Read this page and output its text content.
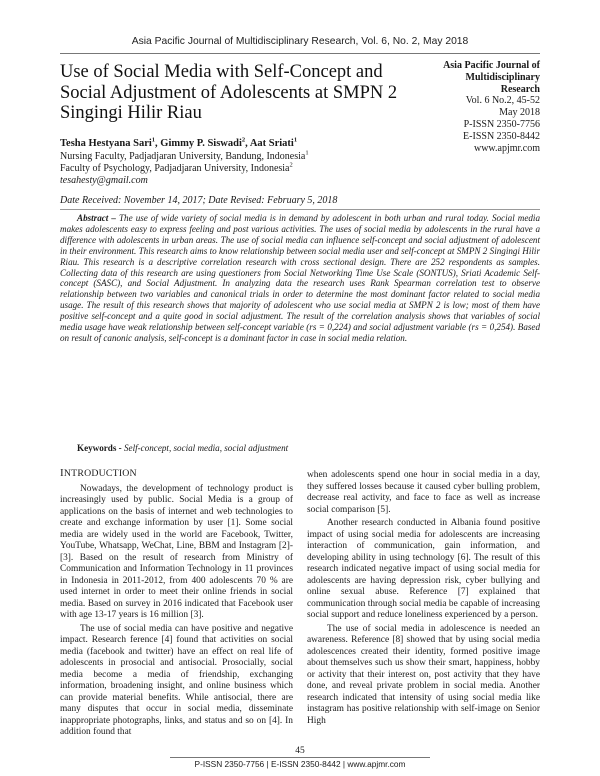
Asia Pacific Journal of Multidisciplinary Research, Vol. 6, No. 2, May 2018
Use of Social Media with Self-Concept and Social Adjustment of Adolescents at SMPN 2 Singingi Hilir Riau
Asia Pacific Journal of
Multidisciplinary
Research
Vol. 6 No.2, 45-52
May 2018
P-ISSN 2350-7756
E-ISSN 2350-8442
www.apjmr.com
Tesha Hestyana Sari$^1$, Gimmy P. Siswadi$^2$, Aat Sriati$^1$
Nursing Faculty, Padjadjaran University, Bandung, Indonesia$^1$
Faculty of Psychology, Padjadjaran University, Indonesia$^2$
tesahesty@gmail.com
Date Received: November 14, 2017; Date Revised: February 5, 2018
Abstract – The use of wide variety of social media is in demand by adolescent in both urban and rural today. Social media makes adolescents easy to express feeling and post various activities. The uses of social media by adolescents in the rural have a difference with adolescents in urban areas. The use of social media can influence self-concept and social adjustment of adolescent in their environment. This research aims to know relationship between social media user and self-concept at SMPN 2 Singingi Hilir Riau. This research is a descriptive correlation research with cross sectional design. There are 252 respondents as samples. Collecting data of this research are using questioners from Social Networking Time Use Scale (SONTUS), Sriati Academic Self-concept (SASC), and Social Adjustment. In analyzing data the research uses Rank Spearman correlation test to observe relationship between two variables and canonical trials in order to determine the most dominant factor related to social media usage. The result of this research shows that majority of adolescent who use social media at SMPN 2 is low; most of them have positive self-concept and a quite good in social adjustment. The result of the correlation analysis shows that variables of social media usage have weak relationship between self-concept variable (rs = 0,224) and social adjustment variable (rs = 0,254). Based on result of canonic analysis, self-concept is a dominant factor in case in social media relation.
Keywords - Self-concept, social media, social adjustment
INTRODUCTION

Nowadays, the development of technology product is increasingly used by public. Social Media is a group of applications on the basis of internet and web technologies to create and exchange information by user [1]. Some social media are widely used in the world are Facebook, Twitter, YouTube, Whatsapp, WeChat, Line, BBM and Instagram [2]-[3]. Based on the result of research from Ministry of Communication and Information Technology in 11 provinces in Indonesia in 2011-2012, from 400 adolescents 70 % are used internet in order to meet their online friends in social media. Based on survey in 2016 indicated that Facebook user with age 13-17 years is 16 million [3].

The use of social media can have positive and negative impact. Research ference [4] found that activities on social media (facebook and twitter) have an effect on real life of adolescents in prosocial and antisocial. Prosocially, social media become a media of friendship, exchanging information, broadening insight, and online business which can provide material benefits. While antisocial, there are many disputes that occur in social media, disseminate inappropriate photographs, links, and status and so on [4]. In addition found that

when adolescents spend one hour in social media in a day, they suffered losses because it caused cyber bulling problem, decrease real activity, and face to face as well as increase social comparison [5].

Another research conducted in Albania found positive impact of using social media for adolescents are increasing interaction of communication, gain information, and developing ability in using technology [6]. The result of this research indicated negative impact of using social media for adolescents are having depression risk, cyber bullying and online sexual abuse. Reference [7] explained that communication through social media be capable of increasing social support and reduce loneliness experienced by a person.

The use of social media in adolescence is needed an awareness. Reference [8] showed that by using social media adolescences created their identity, formed positive image about themselves such us show their smart, happiness, hobby or activity that their interest on, post activity that they have done, and reveal private problem in social media. Another research indicated that intensity of using social media like instagram has positive relationship with self-image on Senior High

45
P-ISSN 2350-7756 | E-ISSN 2350-8442 | www.apjmr.com
